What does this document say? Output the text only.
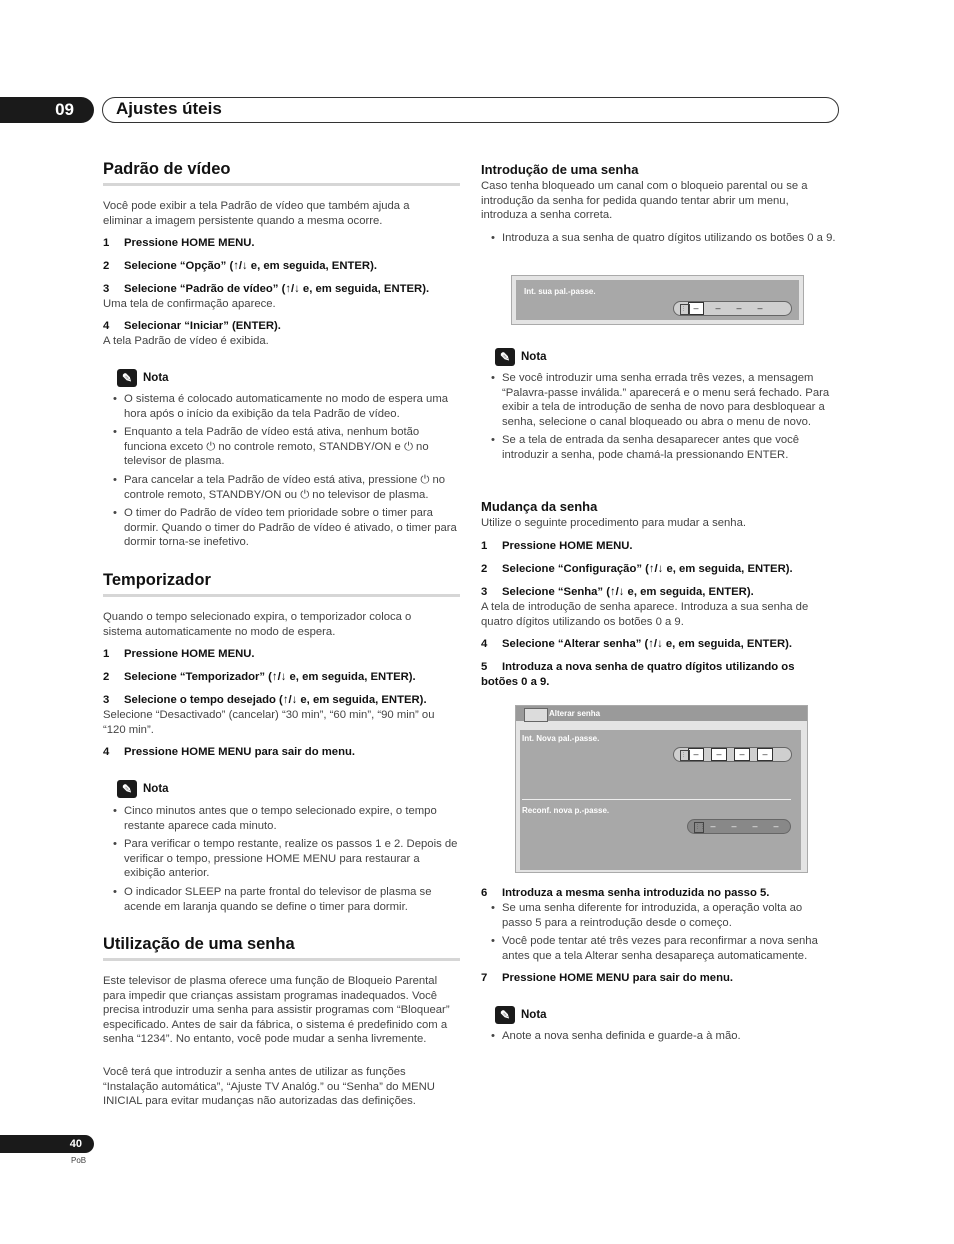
09	Ajustes úteis
Padrão de vídeo

Você pode exibir a tela Padrão de vídeo que também ajuda a eliminar a imagem persistente quando a mesma ocorre.

1 Pressione HOME MENU.
2 Selecione “Opção” (↑/↓ e, em seguida, ENTER).
3 Selecione “Padrão de vídeo” (↑/↓ e, em seguida, ENTER).

Uma tela de confirmação aparece.

4 Selecionar “Iniciar” (ENTER).

A tela Padrão de vídeo é exibida.

✎ Nota
• O sistema é colocado automaticamente no modo de espera uma hora após o início da exibição da tela Padrão de vídeo.
• Enquanto a tela Padrão de vídeo está ativa, nenhum botão funciona exceto ⏻ no controle remoto, STANDBY/ON e ⏻ no televisor de plasma.
• Para cancelar a tela Padrão de vídeo está ativa, pressione ⏻ no controle remoto, STANDBY/ON ou ⏻ no televisor de plasma.
• O timer do Padrão de vídeo tem prioridade sobre o timer para dormir. Quando o timer do Padrão de vídeo é ativado, o timer para dormir torna-se inefetivo.
Temporizador

Quando o tempo selecionado expira, o temporizador coloca o sistema automaticamente no modo de espera.

1 Pressione HOME MENU.
2 Selecione “Temporizador” (↑/↓ e, em seguida, ENTER).
3 Selecione o tempo desejado (↑/↓ e, em seguida, ENTER).

Selecione “Desactivado” (cancelar) “30 min”, “60 min”, “90 min” ou “120 min”.

4 Pressione HOME MENU para sair do menu.
✎ Nota
• Cinco minutos antes que o tempo selecionado expire, o tempo restante aparece cada minuto.
• Para verificar o tempo restante, realize os passos 1 e 2. Depois de verificar o tempo, pressione HOME MENU para restaurar a exibição anterior.
• O indicador SLEEP na parte frontal do televisor de plasma se acende em laranja quando se define o timer para dormir.
Utilização de uma senha

Este televisor de plasma oferece uma função de Bloqueio Parental para impedir que crianças assistam programas inadequados. Você precisa introduzir uma senha para assistir programas com “Bloquear” especificado. Antes de sair da fábrica, o sistema é predefinido com a senha “1234”. No entanto, você pode mudar a senha livremente.

Você terá que introduzir a senha antes de utilizar as funções “Instalação automática”, “Ajuste TV Analóg.” ou “Senha” do MENU INICIAL para evitar mudanças não autorizadas das definições.

Introdução de uma senha

Caso tenha bloqueado um canal com o bloqueio parental ou se a introdução da senha for pedida quando tentar abrir um menu, introduza a senha correta.

• Introduza a sua senha de quatro dígitos utilizando os botões 0 a 9.
Int. sua pal.-passe.
⋮⋮ –	–	–	–
✎ Nota
• Se você introduzir uma senha errada três vezes, a mensagem “Palavra-passe inválida.” aparecerá e o menu será fechado. Para exibir a tela de introdução de senha de novo para desbloquear a senha, selecione o canal bloqueado ou abra o menu de novo.
• Se a tela de entrada da senha desaparecer antes que você introduzir a senha, pode chamá-la pressionando ENTER.
Mudança da senha

Utilize o seguinte procedimento para mudar a senha.

1 Pressione HOME MENU.
2 Selecione “Configuração” (↑/↓ e, em seguida, ENTER).
3 Selecione “Senha” (↑/↓ e, em seguida, ENTER).

A tela de introdução de senha aparece. Introduza a sua senha de quatro dígitos utilizando os botões 0 a 9.

4 Selecione “Alterar senha” (↑/↓ e, em seguida, ENTER).
5 Introduza a nova senha de quatro dígitos utilizando os botões 0 a 9.
Alterar senha
Int. Nova pal.-passe.
⋮⋮ –	–	–	–
Reconf. nova p.-passe.
⋮⋮ –	–	–	–
6 Introduza a mesma senha introduzida no passo 5.
• Se uma senha diferente for introduzida, a operação volta ao passo 5 para a reintrodução desde o começo.
• Você pode tentar até três vezes para reconfirmar a nova senha antes que a tela Alterar senha desapareça automaticamente.
7 Pressione HOME MENU para sair do menu.
✎ Nota
• Anote a nova senha definida e guarde-a à mão.
40
PoB
